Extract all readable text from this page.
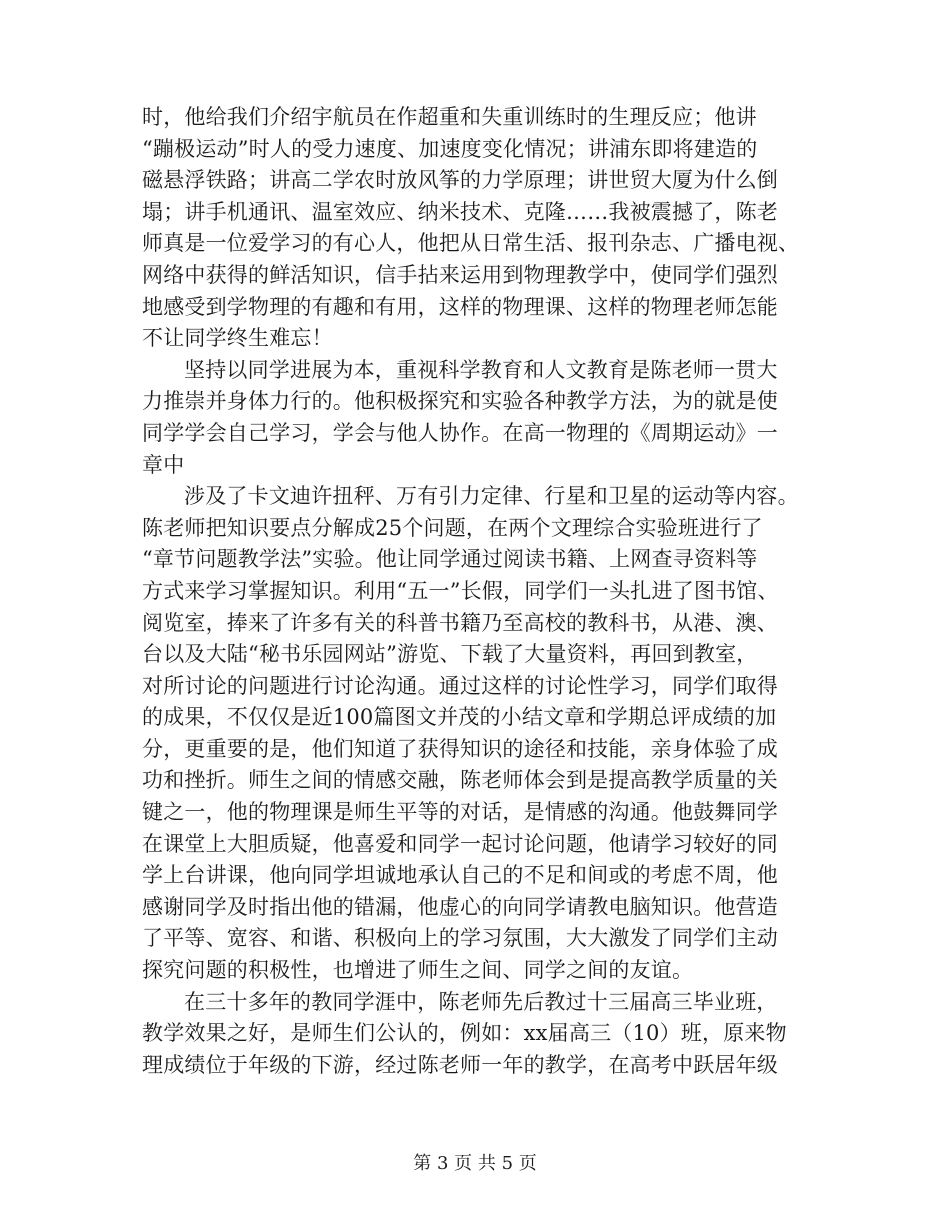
时，他给我们介绍宇航员在作超重和失重训练时的生理反应；他讲
“蹦极运动”时人的受力速度、加速度变化情况；讲浦东即将建造的
磁悬浮铁路；讲高二学农时放风筝的力学原理；讲世贸大厦为什么倒
塌；讲手机通讯、温室效应、纳米技术、克隆……我被震撼了，陈老
师真是一位爱学习的有心人，他把从日常生活、报刊杂志、广播电视、
网络中获得的鲜活知识，信手拈来运用到物理教学中，使同学们强烈
地感受到学物理的有趣和有用，这样的物理课、这样的物理老师怎能
不让同学终生难忘！
坚持以同学进展为本，重视科学教育和人文教育是陈老师一贯大
力推崇并身体力行的。他积极探究和实验各种教学方法，为的就是使
同学学会自己学习，学会与他人协作。在高一物理的《周期运动》一
章中
涉及了卡文迪许扭秤、万有引力定律、行星和卫星的运动等内容。
陈老师把知识要点分解成25个问题，在两个文理综合实验班进行了
“章节问题教学法”实验。他让同学通过阅读书籍、上网查寻资料等
方式来学习掌握知识。利用“五一”长假，同学们一头扎进了图书馆、
阅览室，捧来了许多有关的科普书籍乃至高校的教科书，从港、澳、
台以及大陆“秘书乐园网站”游览、下载了大量资料，再回到教室，
对所讨论的问题进行讨论沟通。通过这样的讨论性学习，同学们取得
的成果，不仅仅是近100篇图文并茂的小结文章和学期总评成绩的加
分，更重要的是，他们知道了获得知识的途径和技能，亲身体验了成
功和挫折。师生之间的情感交融，陈老师体会到是提高教学质量的关
键之一，他的物理课是师生平等的对话，是情感的沟通。他鼓舞同学
在课堂上大胆质疑，他喜爱和同学一起讨论问题，他请学习较好的同
学上台讲课，他向同学坦诚地承认自己的不足和间或的考虑不周，他
感谢同学及时指出他的错漏，他虚心的向同学请教电脑知识。他营造
了平等、宽容、和谐、积极向上的学习氛围，大大激发了同学们主动
探究问题的积极性，也增进了师生之间、同学之间的友谊。
在三十多年的教同学涯中，陈老师先后教过十三届高三毕业班，
教学效果之好，是师生们公认的，例如：xx届高三（10）班，原来物
理成绩位于年级的下游，经过陈老师一年的教学，在高考中跃居年级
第 3 页 共 5 页
